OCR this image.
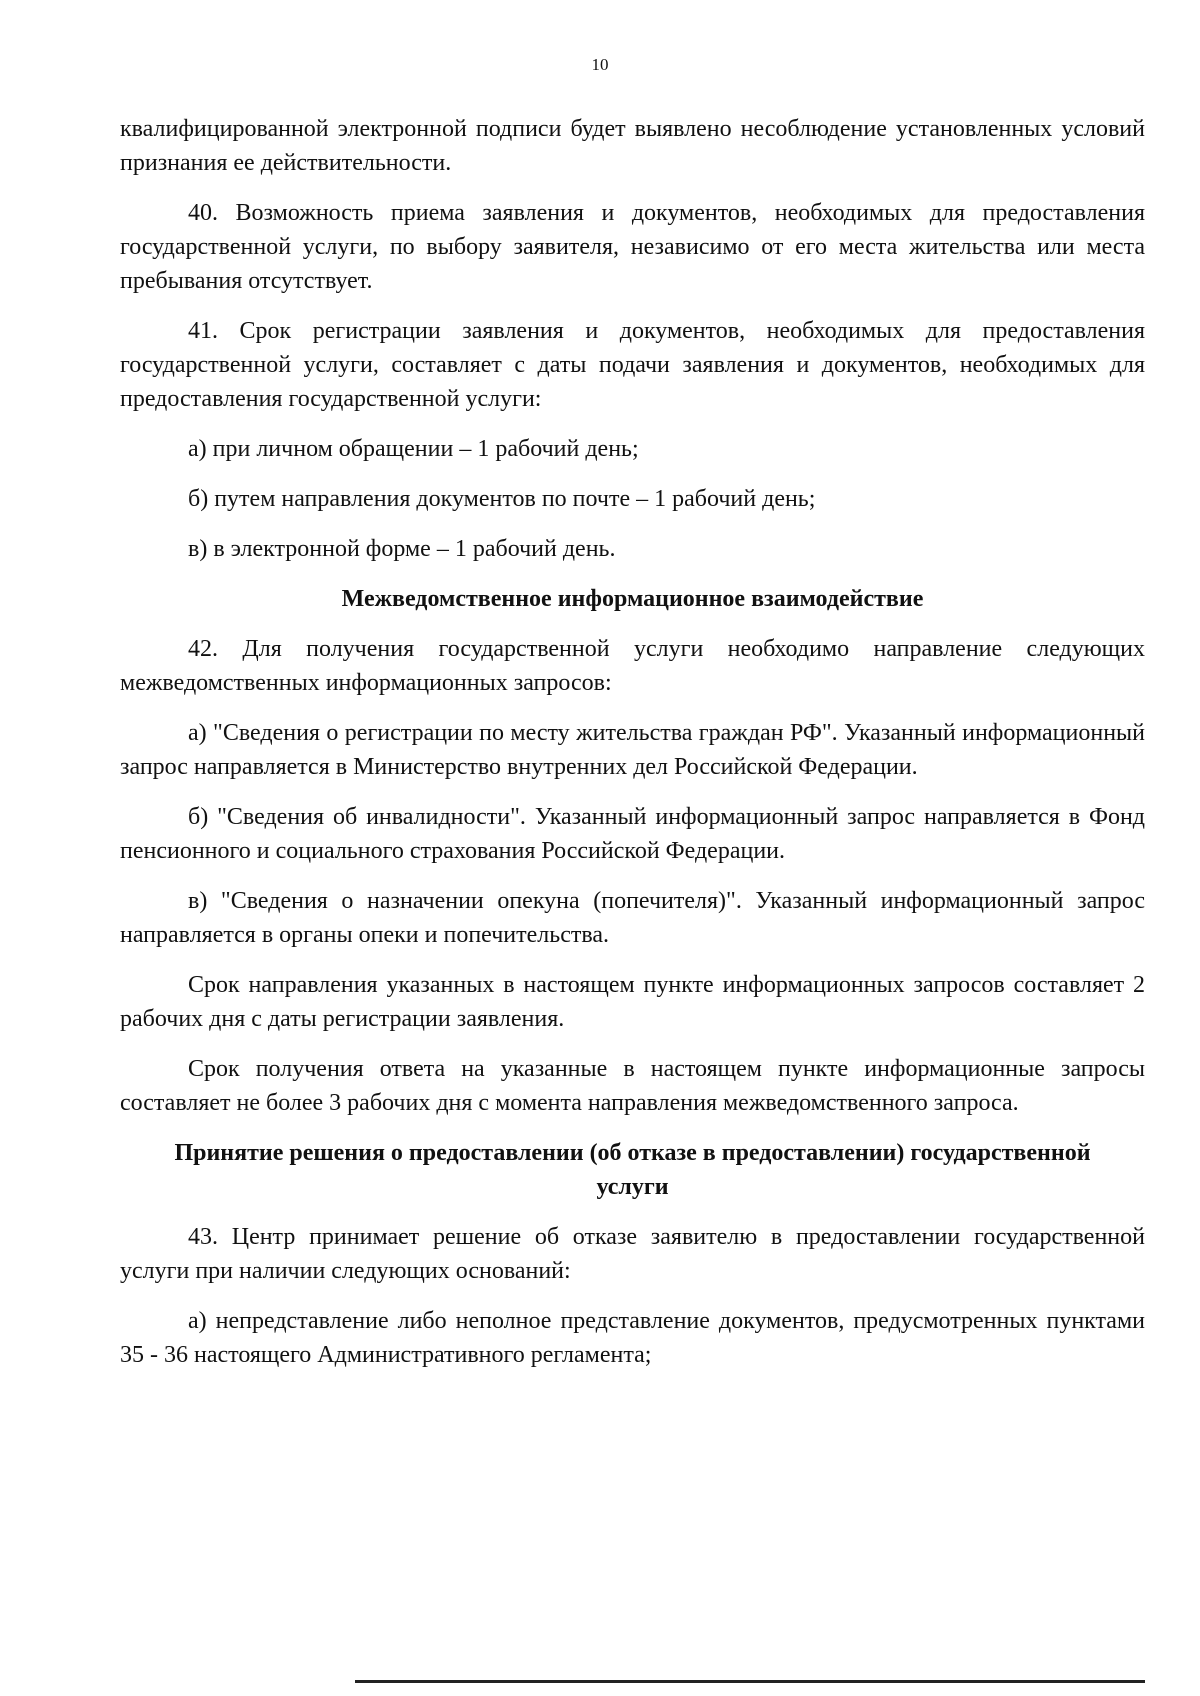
10

квалифицированной электронной подписи будет выявлено несоблюдение установленных условий признания ее действительности.

40. Возможность приема заявления и документов, необходимых для предоставления государственной услуги, по выбору заявителя, независимо от его места жительства или места пребывания отсутствует.

41. Срок регистрации заявления и документов, необходимых для предоставления государственной услуги, составляет с даты подачи заявления и документов, необходимых для предоставления государственной услуги:

а) при личном обращении – 1 рабочий день;

б) путем направления документов по почте – 1 рабочий день;

в) в электронной форме – 1 рабочий день.

Межведомственное информационное взаимодействие

42. Для получения государственной услуги необходимо направление следующих межведомственных информационных запросов:

а) "Сведения о регистрации по месту жительства граждан РФ". Указанный информационный запрос направляется в Министерство внутренних дел Российской Федерации.

б) "Сведения об инвалидности". Указанный информационный запрос направляется в Фонд пенсионного и социального страхования Российской Федерации.

в) "Сведения о назначении опекуна (попечителя)". Указанный информационный запрос направляется в органы опеки и попечительства.

Срок направления указанных в настоящем пункте информационных запросов составляет 2 рабочих дня с даты регистрации заявления.

Срок получения ответа на указанные в настоящем пункте информационные запросы составляет не более 3 рабочих дня с момента направления межведомственного запроса.

Принятие решения о предоставлении (об отказе в предоставлении) государственной услуги

43. Центр принимает решение об отказе заявителю в предоставлении государственной услуги при наличии следующих оснований:

а) непредставление либо неполное представление документов, предусмотренных пунктами 35 - 36 настоящего Административного регламента;
